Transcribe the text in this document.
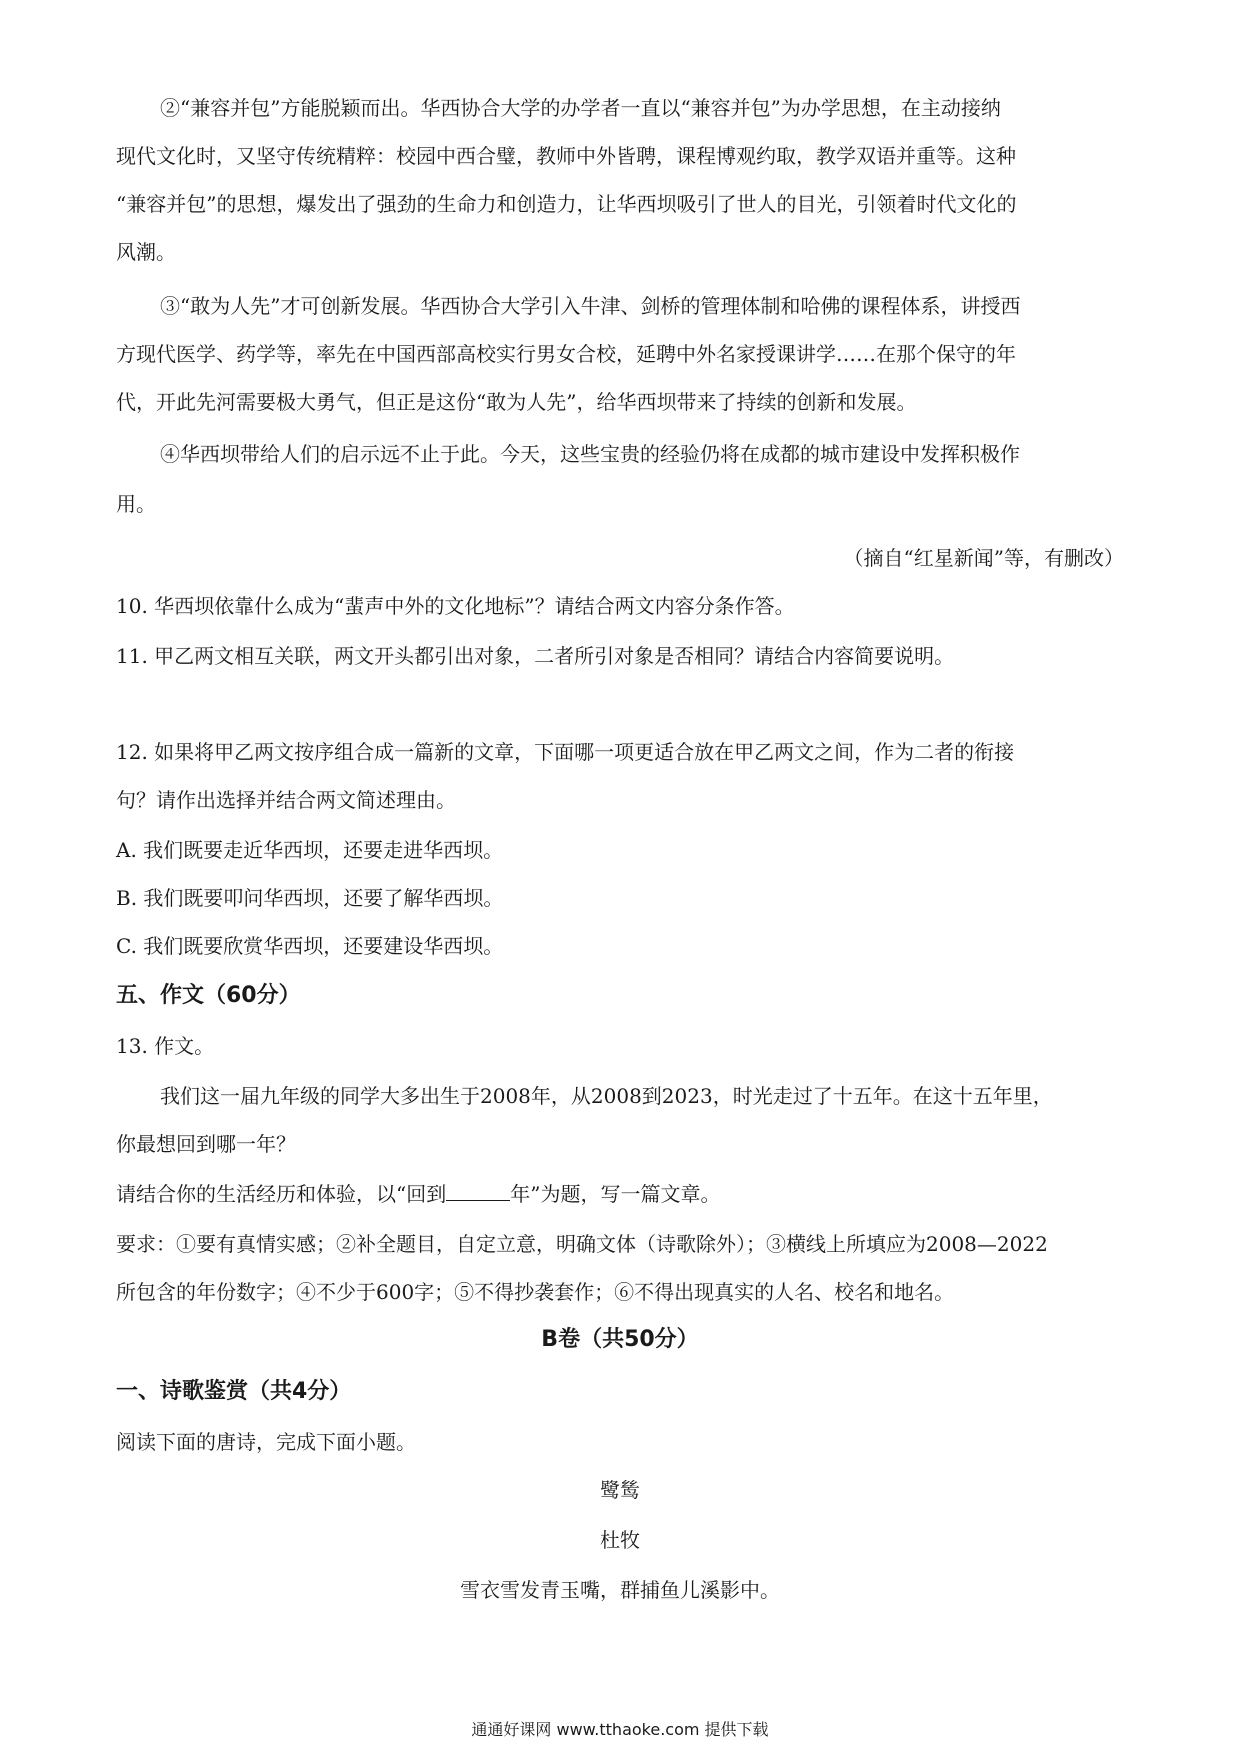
②“兼容并包”方能脱颖而出。华西协合大学的办学者一直以“兼容并包”为办学思想，在主动接纳
现代文化时，又坚守传统精粹：校园中西合璧，教师中外皆聘，课程博观约取，教学双语并重等。这种
“兼容并包”的思想，爆发出了强劲的生命力和创造力，让华西坝吸引了世人的目光，引领着时代文化的
风潮。
③“敢为人先”才可创新发展。华西协合大学引入牛津、剑桥的管理体制和哈佛的课程体系，讲授西
方现代医学、药学等，率先在中国西部高校实行男女合校，延聘中外名家授课讲学……在那个保守的年
代，开此先河需要极大勇气，但正是这份“敢为人先”，给华西坝带来了持续的创新和发展。
④华西坝带给人们的启示远不止于此。今天，这些宝贵的经验仍将在成都的城市建设中发挥积极作
用。
（摘自“红星新闻”等，有删改）
10. 华西坝依靠什么成为“蜚声中外的文化地标”？请结合两文内容分条作答。
11. 甲乙两文相互关联，两文开头都引出对象，二者所引对象是否相同？请结合内容简要说明。
12. 如果将甲乙两文按序组合成一篇新的文章，下面哪一项更适合放在甲乙两文之间，作为二者的衔接
句？请作出选择并结合两文简述理由。
A. 我们既要走近华西坝，还要走进华西坝。
B. 我们既要叩问华西坝，还要了解华西坝。
C. 我们既要欣赏华西坝，还要建设华西坝。
五、作文（60分）
13. 作文。
我们这一届九年级的同学大多出生于2008年，从2008到2023，时光走过了十五年。在这十五年里，
你最想回到哪一年？
请结合你的生活经历和体验，以“回到	年”为题，写一篇文章。
要求：①要有真情实感；②补全题目，自定立意，明确文体（诗歌除外）；③横线上所填应为2008—2022
所包含的年份数字；④不少于600字；⑤不得抄袭套作；⑥不得出现真实的人名、校名和地名。
B卷（共50分）
一、诗歌鉴赏（共4分）
阅读下面的唐诗，完成下面小题。
鹭鸶
杜牧
雪衣雪发青玉嘴，群捕鱼儿溪影中。
通通好课网 www.tthaoke.com 提供下载
